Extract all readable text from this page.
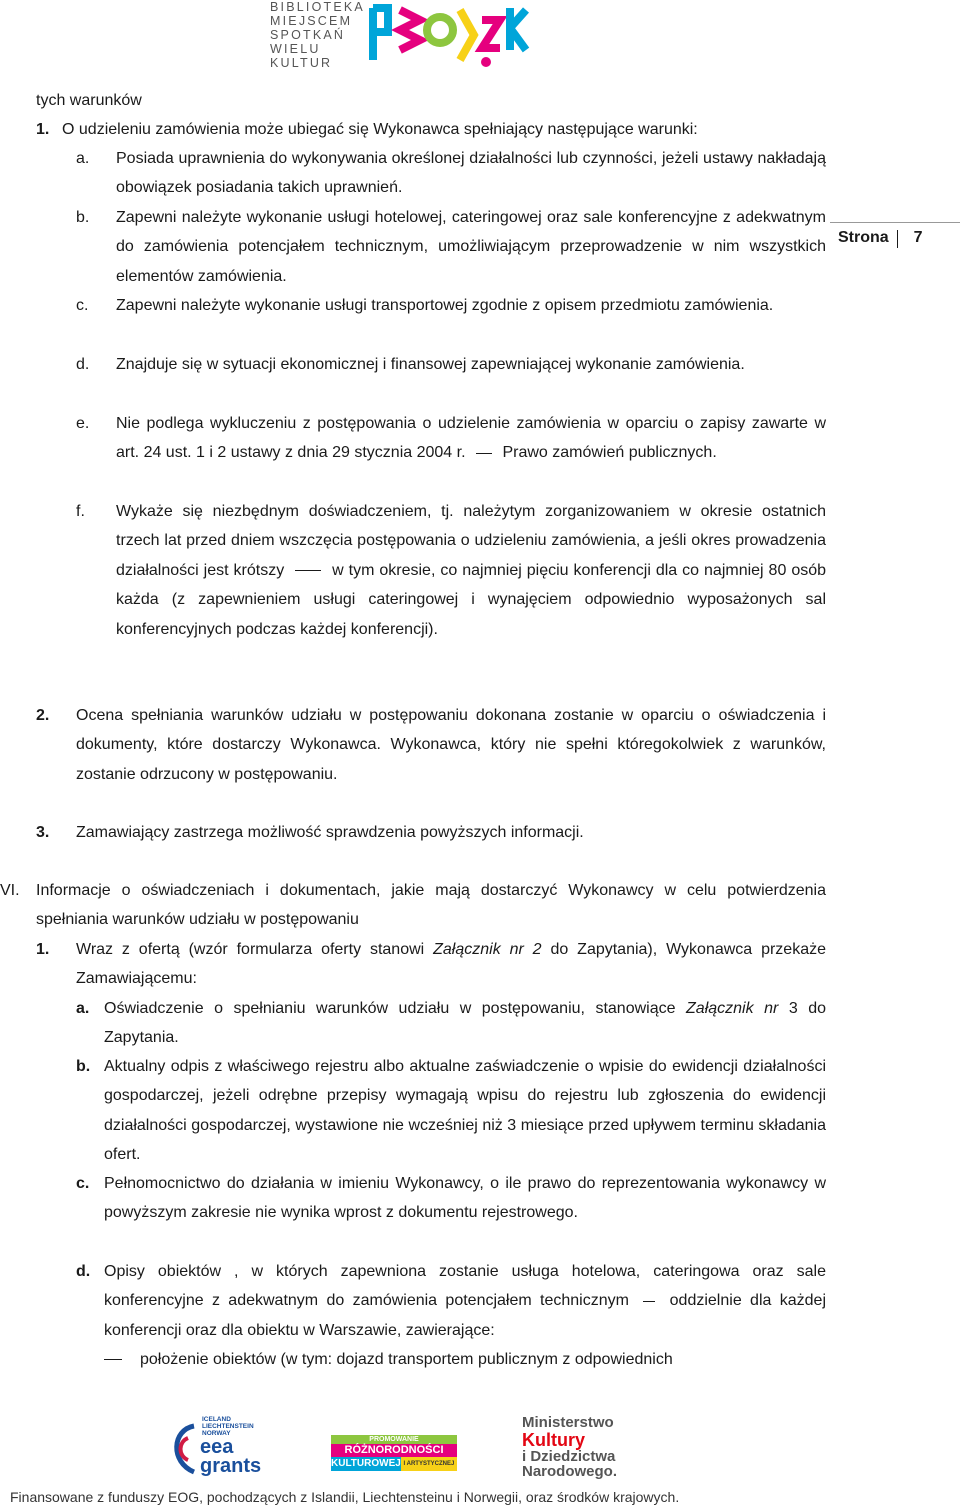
BIBLIOTEKA
MIEJSCEM
SPOTKAŃ
WIELU
KULTUR
Strona 7
tych warunków
1. O udzieleniu zamówienia może ubiegać się Wykonawca spełniający następujące warunki:
a.	Posiada uprawnienia do wykonywania określonej działalności lub czynności, jeżeli ustawy nakładają obowiązek posiadania takich uprawnień.
b.	Zapewni należyte wykonanie usługi hotelowej, cateringowej oraz sale konferencyjne z adekwatnym do zamówienia potencjałem technicznym, umożliwiającym przeprowadzenie w nim wszystkich elementów zamówienia.
c.	Zapewni należyte wykonanie usługi transportowej zgodnie z opisem przedmiotu zamówienia.
d.	Znajduje się w sytuacji ekonomicznej i finansowej zapewniającej wykonanie zamówienia.
e.	Nie podlega wykluczeniu z postępowania o udzielenie zamówienia w oparciu o zapisy zawarte w art. 24 ust. 1 i 2 ustawy z dnia 29 stycznia 2004 r. Prawo zamówień publicznych.
f.	Wykaże się niezbędnym doświadczeniem, tj. należytym zorganizowaniem w okresie ostatnich trzech lat przed dniem wszczęcia postępowania o udzieleniu zamówienia, a jeśli okres prowadzenia działalności jest krótszy	w tym okresie, co najmniej pięciu konferencji dla co najmniej 80 osób każda (z zapewnieniem usługi cateringowej i wynajęciem odpowiednio wyposażonych sal konferencyjnych podczas każdej konferencji).
2.	Ocena spełniania warunków udziału w postępowaniu dokonana zostanie w oparciu o oświadczenia i dokumenty, które dostarczy Wykonawca. Wykonawca, który nie spełni któregokolwiek z warunków, zostanie odrzucony w postępowaniu.
3.	Zamawiający zastrzega możliwość sprawdzenia powyższych informacji.
VI.	Informacje o oświadczeniach i dokumentach, jakie mają dostarczyć Wykonawcy w celu potwierdzenia spełniania warunków udziału w postępowaniu
1.	Wraz z ofertą (wzór formularza oferty stanowi Załącznik nr 2 do Zapytania), Wykonawca przekaże Zamawiającemu:
a. Oświadczenie o spełnianiu warunków udziału w postępowaniu, stanowiące Załącznik nr 3 do Zapytania.
b. Aktualny odpis z właściwego rejestru albo aktualne zaświadczenie o wpisie do ewidencji działalności gospodarczej, jeżeli odrębne przepisy wymagają wpisu do rejestru lub zgłoszenia do ewidencji działalności gospodarczej, wystawione nie wcześniej niż 3 miesiące przed upływem terminu składania ofert.
c. Pełnomocnictwo do działania w imieniu Wykonawcy, o ile prawo do reprezentowania wykonawcy w powyższym zakresie nie wynika wprost z dokumentu rejestrowego.
d. Opisy obiektów , w których zapewniona zostanie usługa hotelowa, cateringowa oraz sale konferencyjne z adekwatnym do zamówienia potencjałem technicznym	oddzielnie dla każdej konferencji oraz dla obiektu w Warszawie, zawierające:
położenie obiektów (w tym: dojazd transportem publicznym z odpowiednich
ICELAND
LIECHTENSTEIN
NORWAY
eea
grants
PROMOWANIE
RÓŻNORODNOŚCI
KULTUROWEJ I ARTYSTYCZNEJ
Ministerstwo
Kultury
i Dziedzictwa
Narodowego.
Finansowane z funduszy EOG, pochodzących z Islandii, Liechtensteinu i Norwegii, oraz środków krajowych.
